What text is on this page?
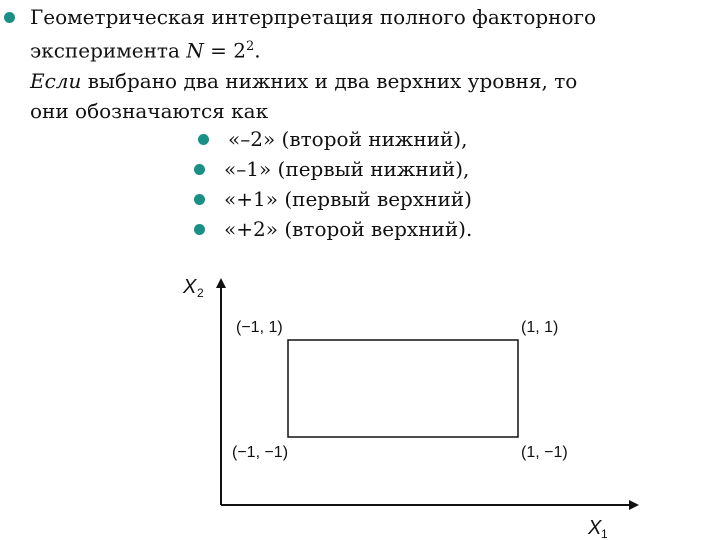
Геометрическая интерпретация полного факторного
эксперимента $N = 2^2$.
Если выбрано два нижних и два верхних уровня, то
они обозначаются как
«–2» (второй нижний),
«–1» (первый нижний),
«+1» (первый верхний)
«+2» (второй верхний).
X 2
X 1
(−1, 1)	(1, 1)
(−1, −1)	(1, −1)
